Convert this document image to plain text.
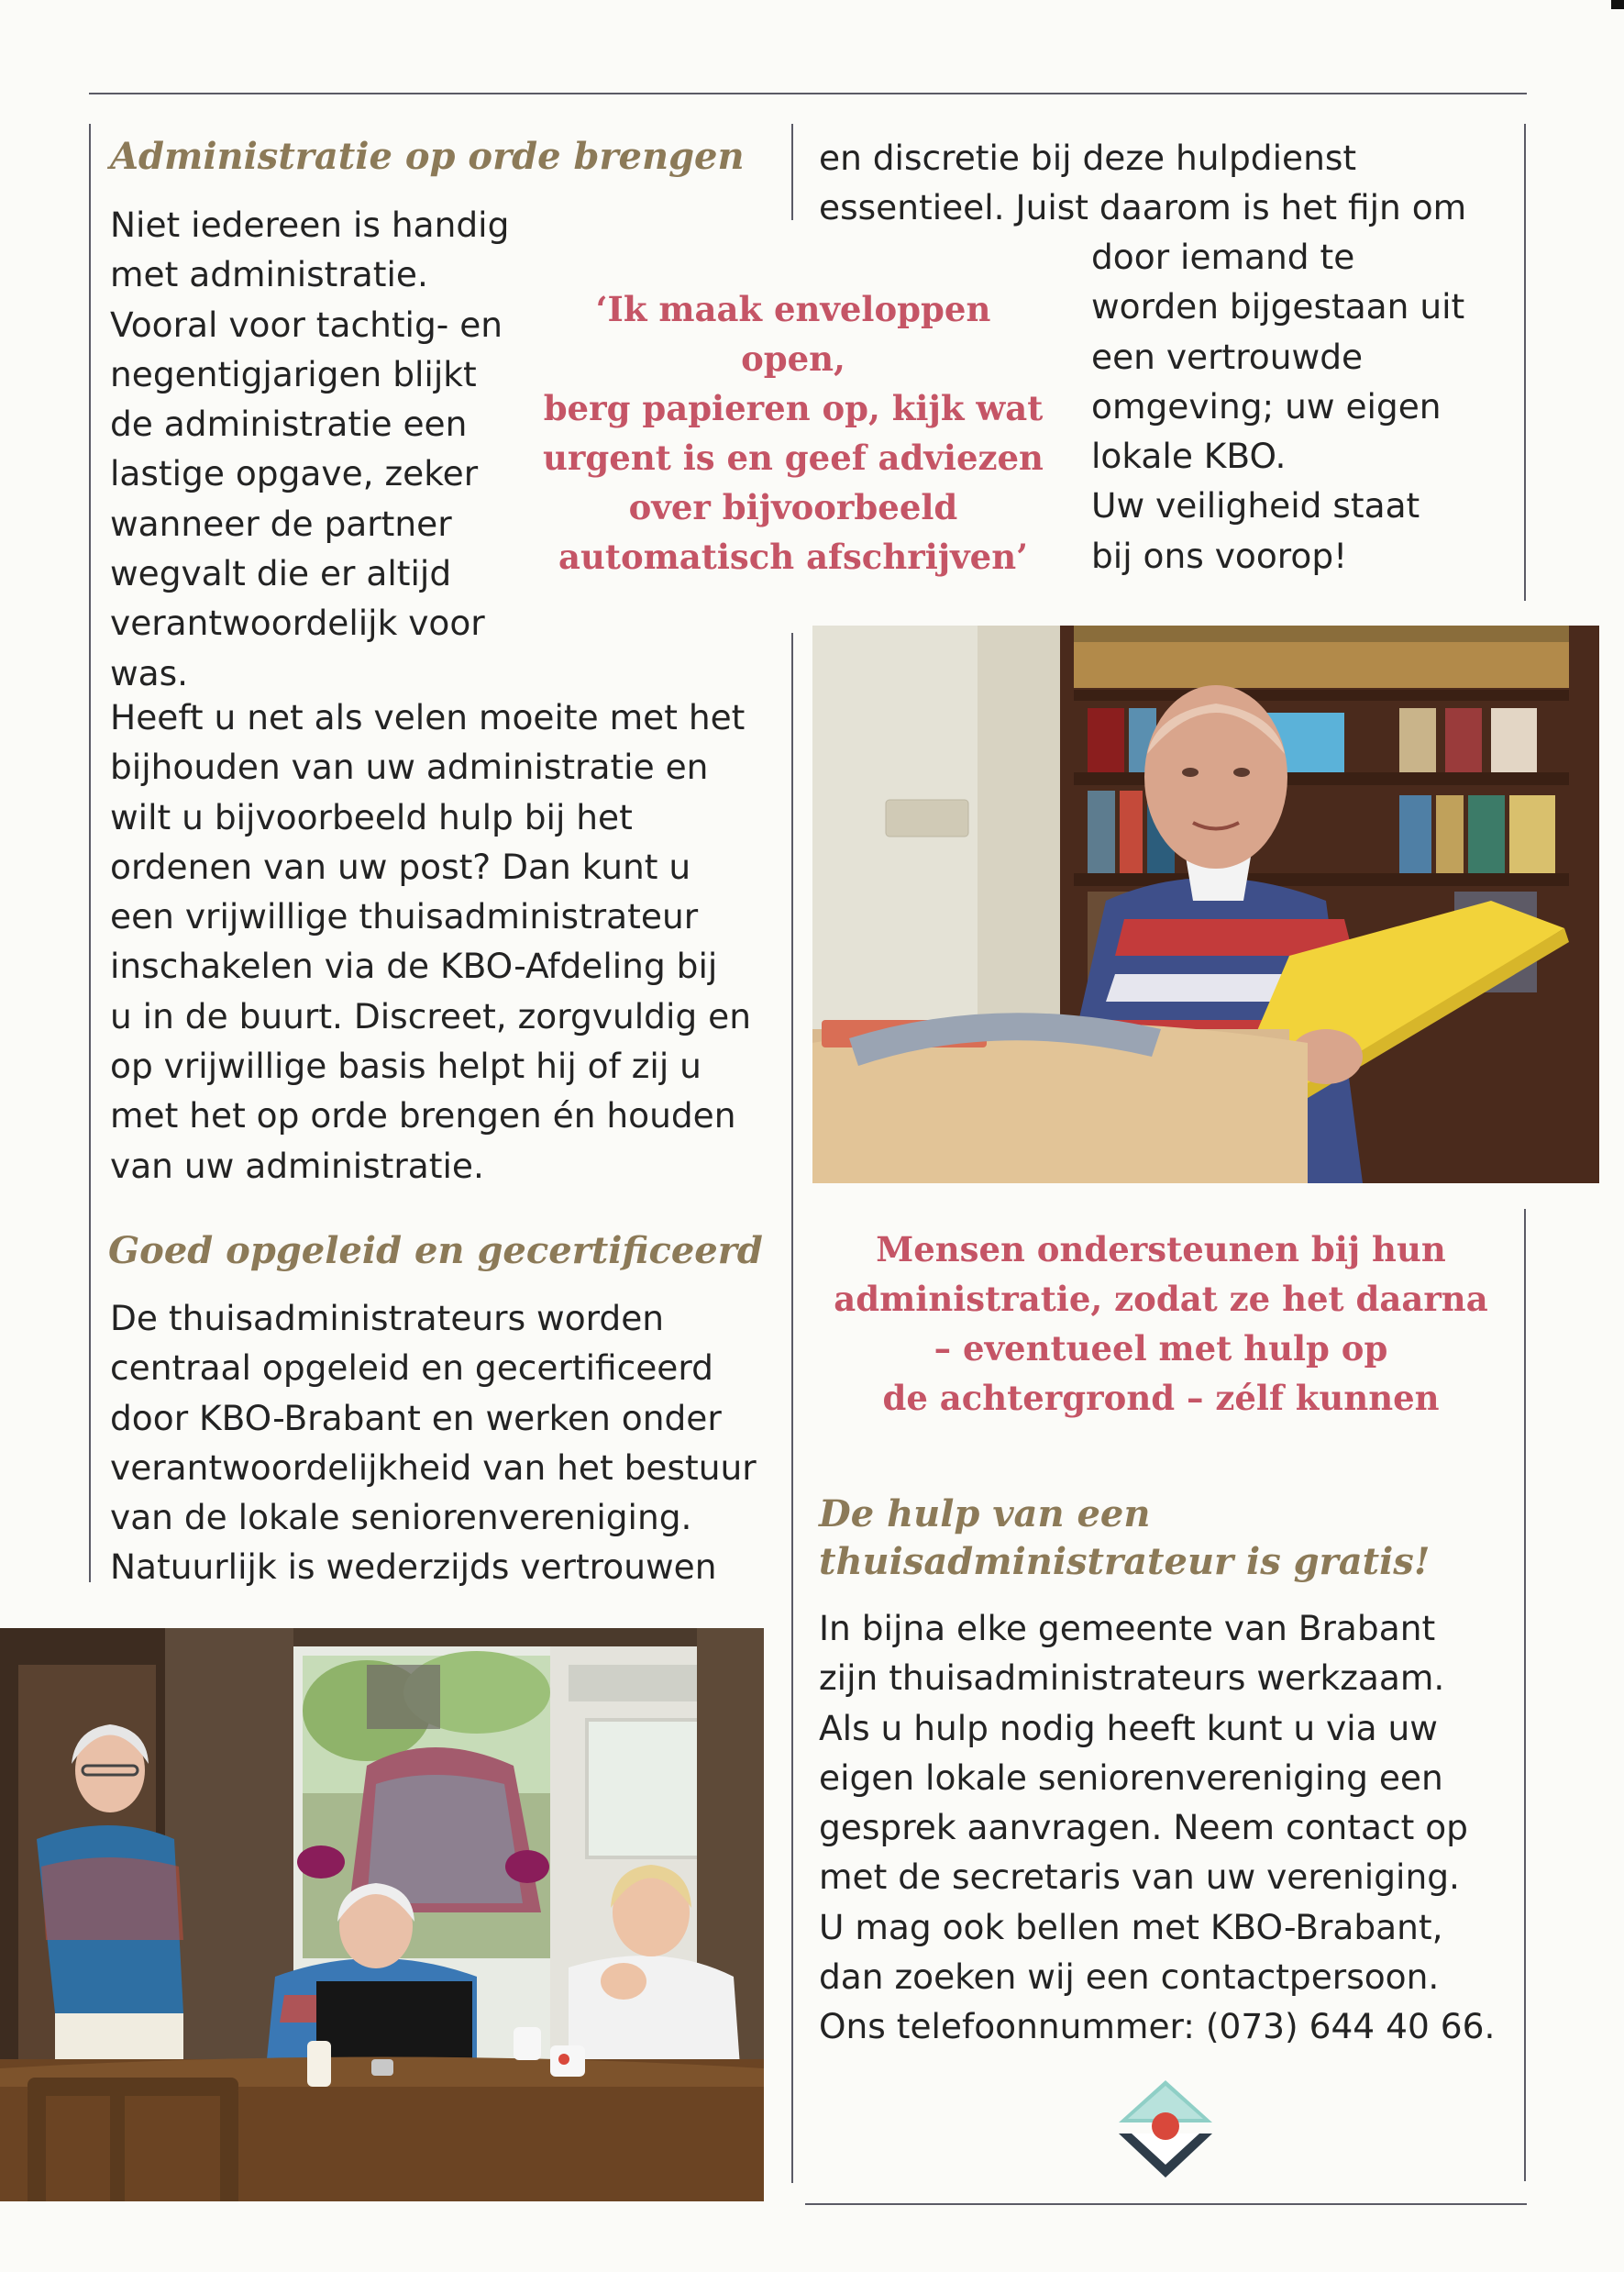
Administratie op orde brengen

Niet iedereen is handig
met administratie.
Vooral voor tachtig- en
negentigjarigen blijkt
de administratie een
lastige opgave, zeker
wanneer de partner
wegvalt die er altijd
verantwoordelijk voor
was.

Heeft u net als velen moeite met het
bijhouden van uw administratie en
wilt u bijvoorbeeld hulp bij het
ordenen van uw post? Dan kunt u
een vrijwillige thuisadministrateur
inschakelen via de KBO-Afdeling bij
u in de buurt. Discreet, zorgvuldig en
op vrijwillige basis helpt hij of zij u
met het op orde brengen én houden
van uw administratie.

‘Ik maak enveloppen open,
berg papieren op, kijk wat
urgent is en geef adviezen
over bijvoorbeeld
automatisch afschrijven’

en discretie bij deze hulpdienst
essentieel. Juist daarom is het fijn om

door iemand te
worden bijgestaan uit
een vertrouwde
omgeving; uw eigen
lokale KBO.
Uw veiligheid staat
bij ons voorop!

Mensen ondersteunen bij hun
administratie, zodat ze het daarna
– eventueel met hulp op
de achtergrond – zélf kunnen

Goed opgeleid en gecertificeerd

De thuisadministrateurs worden
centraal opgeleid en gecertificeerd
door KBO-Brabant en werken onder
verantwoordelijkheid van het bestuur
van de lokale seniorenvereniging.
Natuurlijk is wederzijds vertrouwen

De hulp van een
thuisadministrateur is gratis!

In bijna elke gemeente van Brabant
zijn thuisadministrateurs werkzaam.
Als u hulp nodig heeft kunt u via uw
eigen lokale seniorenvereniging een
gesprek aanvragen. Neem contact op
met de secretaris van uw vereniging.
U mag ook bellen met KBO-Brabant,
dan zoeken wij een contactpersoon.
Ons telefoonnummer: (073) 644 40 66.
